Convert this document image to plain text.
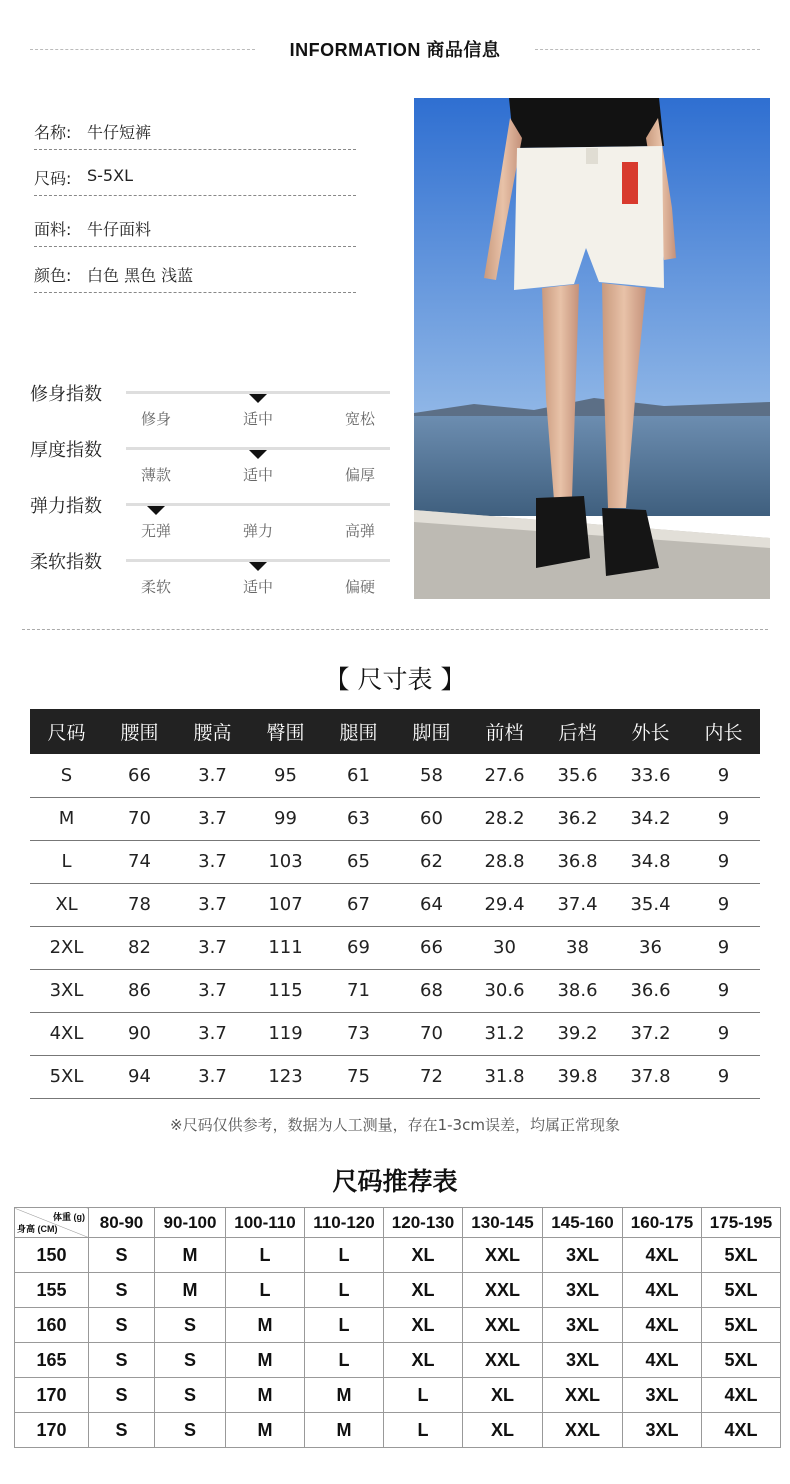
INFORMATION 商品信息
名称: 牛仔短裤
尺码: S-5XL
面料: 牛仔面料
颜色: 白色 黑色 浅蓝
修身指数
修身	适中	宽松
厚度指数
薄款	适中	偏厚
弹力指数
无弹	弹力	高弹
柔软指数
柔软	适中	偏硬
【 尺寸表 】
尺码	腰围	腰高	臀围	腿围	脚围	前档	后档	外长	内长
S	66	3.7	95	61	58	27.6	35.6	33.6	9
M	70	3.7	99	63	60	28.2	36.2	34.2	9
L	74	3.7	103	65	62	28.8	36.8	34.8	9
XL	78	3.7	107	67	64	29.4	37.4	35.4	9
2XL	82	3.7	111	69	66	30	38	36	9
3XL	86	3.7	115	71	68	30.6	38.6	36.6	9
4XL	90	3.7	119	73	70	31.2	39.2	37.2	9
5XL	94	3.7	123	75	72	31.8	39.8	37.8	9
※尺码仅供参考，数据为人工测量，存在1-3cm误差，均属正常现象
尺码推荐表
体重 (g)
身高 (CM)	80-90	90-100	100-110	110-120	120-130	130-145	145-160	160-175	175-195
150	S	M	L	L	XL	XXL	3XL	4XL	5XL
155	S	M	L	L	XL	XXL	3XL	4XL	5XL
160	S	S	M	L	XL	XXL	3XL	4XL	5XL
165	S	S	M	L	XL	XXL	3XL	4XL	5XL
170	S	S	M	M	L	XL	XXL	3XL	4XL
170	S	S	M	M	L	XL	XXL	3XL	4XL
